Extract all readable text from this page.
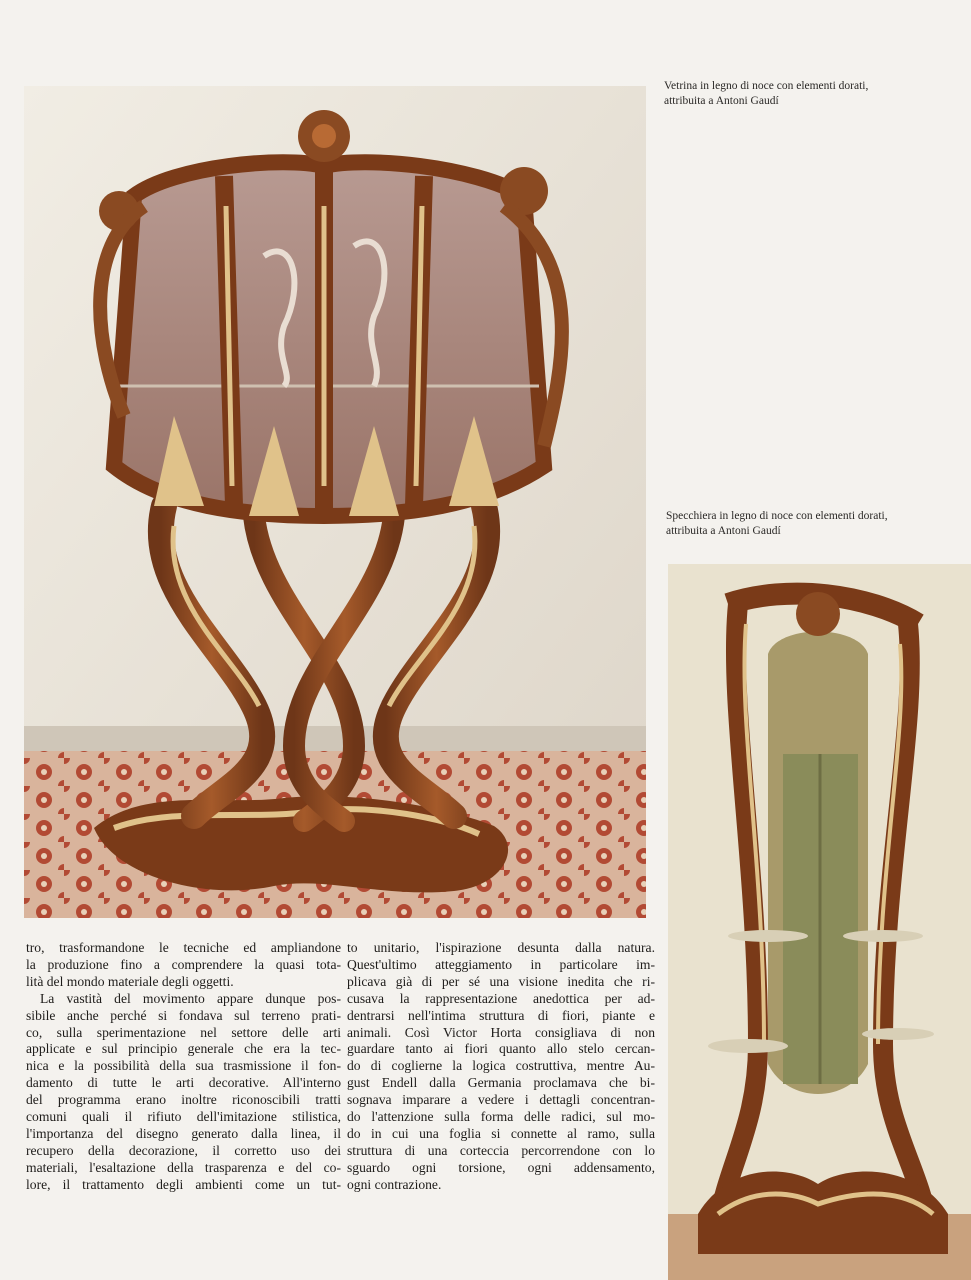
Vetrina in legno di noce con elementi dorati,
attribuita a Antoni Gaudí
Specchiera in legno di noce con elementi dorati,
attribuita a Antoni Gaudí
tro, trasformandone le tecniche ed ampliandone
la produzione fino a comprendere la quasi tota-
lità del mondo materiale degli oggetti.
La vastità del movimento appare dunque pos-
sibile anche perché si fondava sul terreno prati-
co, sulla sperimentazione nel settore delle arti
applicate e sul principio generale che era la tec-
nica e la possibilità della sua trasmissione il fon-
damento di tutte le arti decorative. All'interno
del programma erano inoltre riconoscibili tratti
comuni quali il rifiuto dell'imitazione stilistica,
l'importanza del disegno generato dalla linea, il
recupero della decorazione, il corretto uso dei
materiali, l'esaltazione della trasparenza e del co-
lore, il trattamento degli ambienti come un tut-
to unitario, l'ispirazione desunta dalla natura.
Quest'ultimo atteggiamento in particolare im-
plicava già di per sé una visione inedita che ri-
cusava la rappresentazione anedottica per ad-
dentrarsi nell'intima struttura di fiori, piante e
animali. Così Victor Horta consigliava di non
guardare tanto ai fiori quanto allo stelo cercan-
do di coglierne la logica costruttiva, mentre Au-
gust Endell dalla Germania proclamava che bi-
sognava imparare a vedere i dettagli concentran-
do l'attenzione sulla forma delle radici, sul mo-
do in cui una foglia si connette al ramo, sulla
struttura di una corteccia percorrendone con lo
sguardo ogni torsione, ogni addensamento,
ogni contrazione.
